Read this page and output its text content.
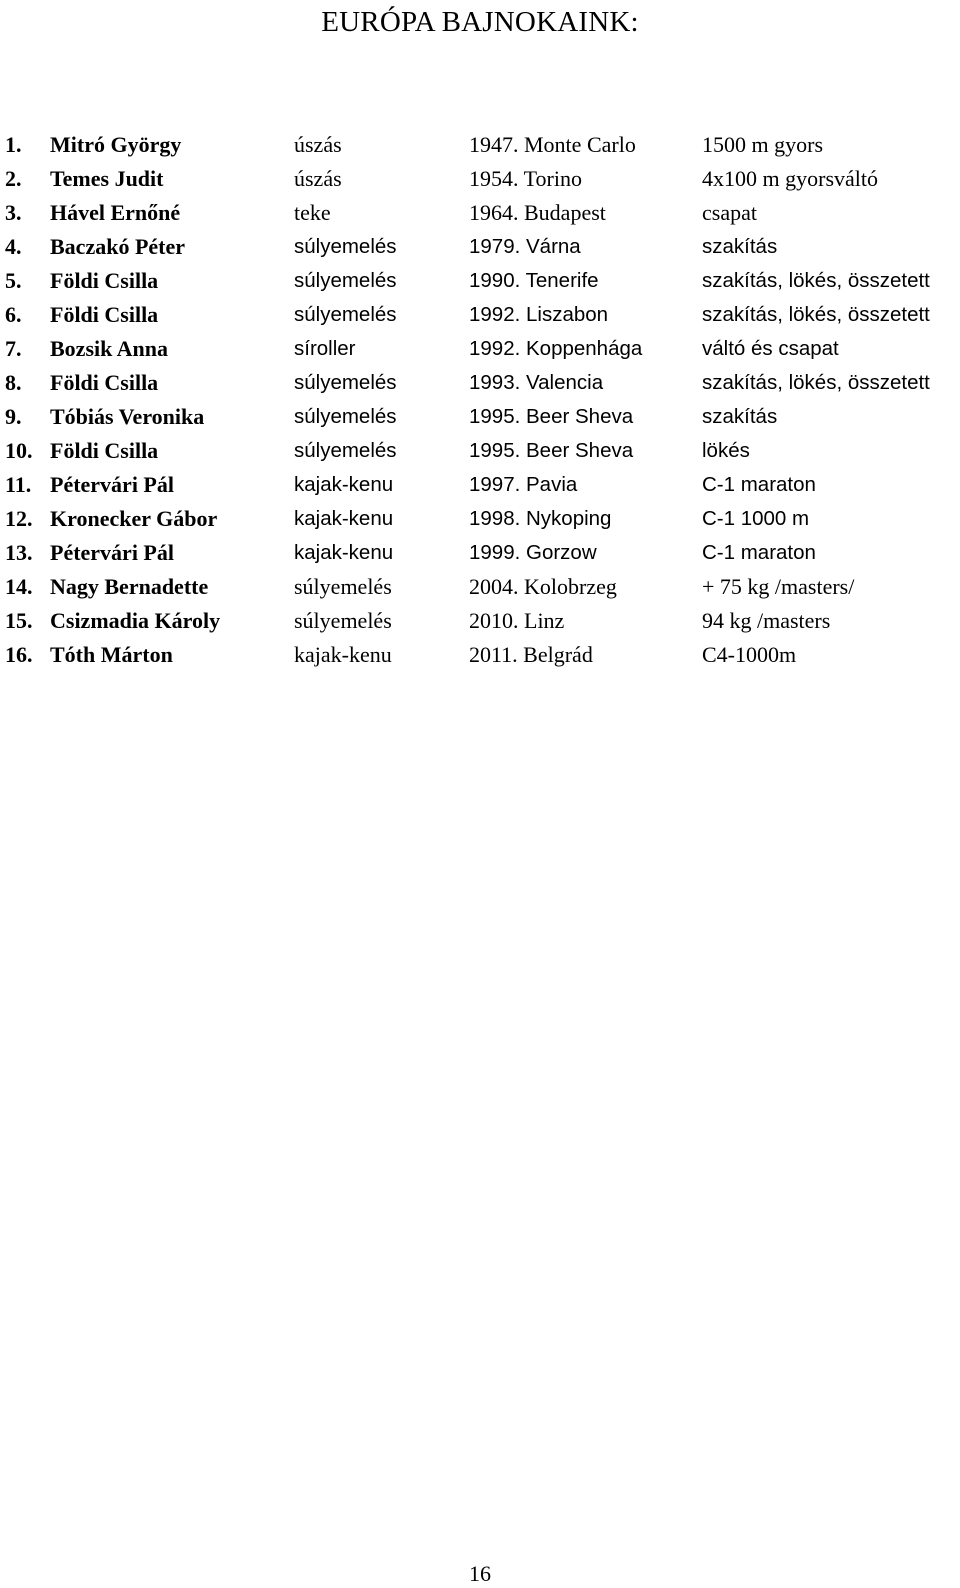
EURÓPA BAJNOKAINK:
1. Mitró György	úszás	1947. Monte Carlo	1500 m gyors
2. Temes Judit	úszás	1954. Torino	4x100 m gyorsváltó
3. Hável Ernőné	teke	1964. Budapest	csapat
4. Baczakó Péter	súlyemelés	1979. Várna	szakítás
5. Földi Csilla	súlyemelés	1990. Tenerife	szakítás, lökés, összetett
6. Földi Csilla	súlyemelés	1992. Liszabon	szakítás, lökés, összetett
7. Bozsik Anna	síroller	1992. Koppenhága	váltó és csapat
8. Földi Csilla	súlyemelés	1993. Valencia	szakítás, lökés, összetett
9. Tóbiás Veronika	súlyemelés	1995. Beer Sheva	szakítás
10. Földi Csilla	súlyemelés	1995. Beer Sheva	lökés
11. Pétervári Pál	kajak-kenu	1997. Pavia	C-1 maraton
12. Kronecker Gábor	kajak-kenu	1998. Nykoping	C-1 1000 m
13. Pétervári Pál	kajak-kenu	1999. Gorzow	C-1 maraton
14. Nagy Bernadette	súlyemelés	2004. Kolobrzeg	+ 75 kg /masters/
15. Csizmadia Károly	súlyemelés	2010. Linz	94 kg /masters
16. Tóth Márton	kajak-kenu	2011. Belgrád	C4-1000m
16
